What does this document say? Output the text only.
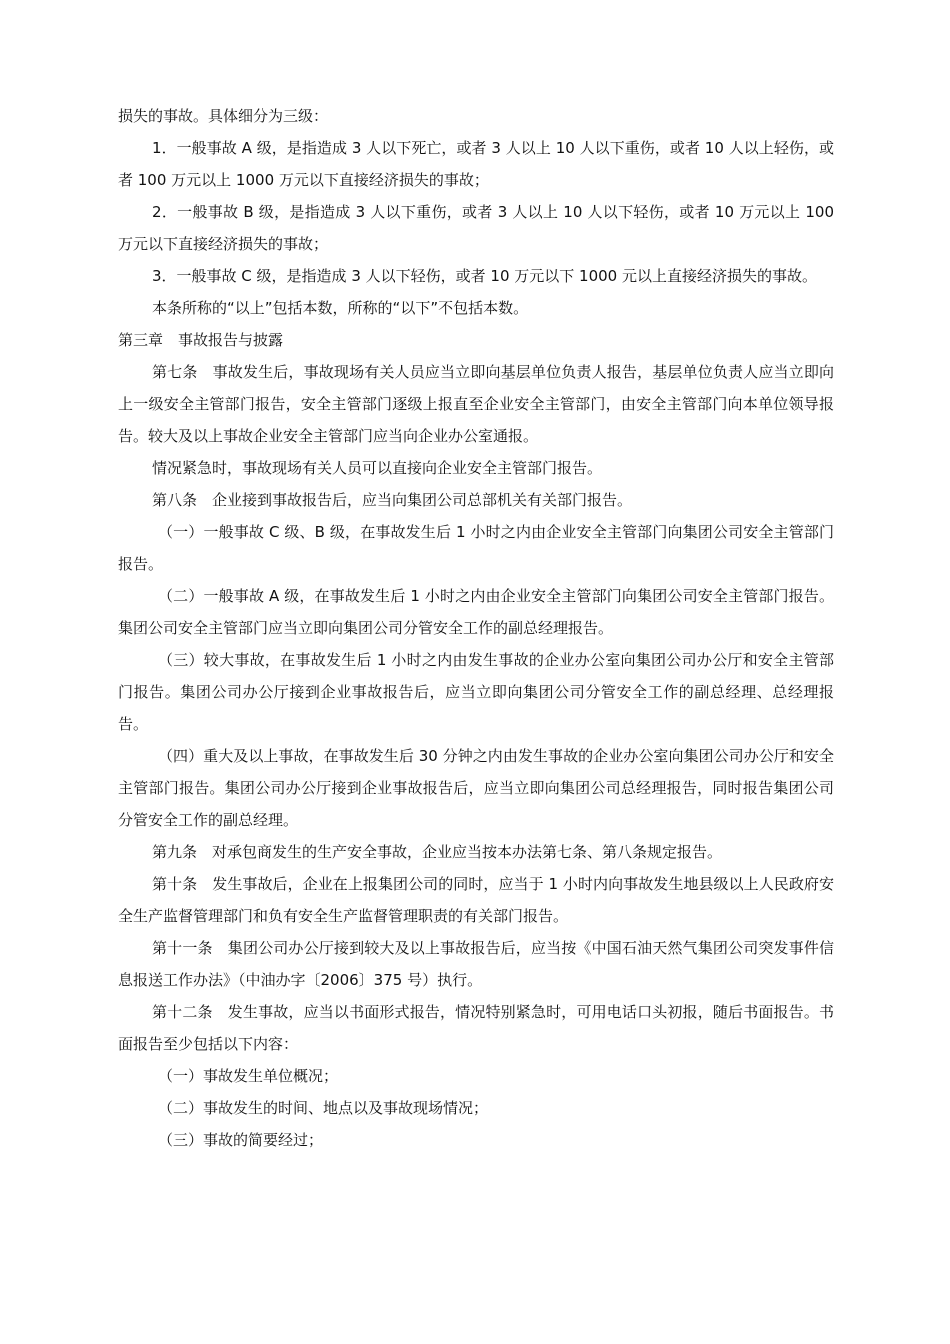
损失的事故。具体细分为三级：

1．一般事故 A 级，是指造成 3 人以下死亡，或者 3 人以上 10 人以下重伤，或者 10 人以上轻伤，或者 100 万元以上 1000 万元以下直接经济损失的事故；

2．一般事故 B 级，是指造成 3 人以下重伤，或者 3 人以上 10 人以下轻伤，或者 10 万元以上 100 万元以下直接经济损失的事故；

3．一般事故 C 级，是指造成 3 人以下轻伤，或者 10 万元以下 1000 元以上直接经济损失的事故。

本条所称的“以上”包括本数，所称的“以下”不包括本数。

第三章　事故报告与披露

第七条　事故发生后，事故现场有关人员应当立即向基层单位负责人报告，基层单位负责人应当立即向上一级安全主管部门报告，安全主管部门逐级上报直至企业安全主管部门，由安全主管部门向本单位领导报告。较大及以上事故企业安全主管部门应当向企业办公室通报。

情况紧急时，事故现场有关人员可以直接向企业安全主管部门报告。

第八条　企业接到事故报告后，应当向集团公司总部机关有关部门报告。

（一）一般事故 C 级、B 级，在事故发生后 1 小时之内由企业安全主管部门向集团公司安全主管部门报告。

（二）一般事故 A 级，在事故发生后 1 小时之内由企业安全主管部门向集团公司安全主管部门报告。集团公司安全主管部门应当立即向集团公司分管安全工作的副总经理报告。

（三）较大事故，在事故发生后 1 小时之内由发生事故的企业办公室向集团公司办公厅和安全主管部门报告。集团公司办公厅接到企业事故报告后，应当立即向集团公司分管安全工作的副总经理、总经理报告。

（四）重大及以上事故，在事故发生后 30 分钟之内由发生事故的企业办公室向集团公司办公厅和安全主管部门报告。集团公司办公厅接到企业事故报告后，应当立即向集团公司总经理报告，同时报告集团公司分管安全工作的副总经理。

第九条　对承包商发生的生产安全事故，企业应当按本办法第七条、第八条规定报告。

第十条　发生事故后，企业在上报集团公司的同时，应当于 1 小时内向事故发生地县级以上人民政府安全生产监督管理部门和负有安全生产监督管理职责的有关部门报告。

第十一条　集团公司办公厅接到较大及以上事故报告后，应当按《中国石油天然气集团公司突发事件信息报送工作办法》（中油办字〔2006〕375 号）执行。

第十二条　发生事故，应当以书面形式报告，情况特别紧急时，可用电话口头初报，随后书面报告。书面报告至少包括以下内容：

（一）事故发生单位概况；

（二）事故发生的时间、地点以及事故现场情况；

（三）事故的简要经过；
